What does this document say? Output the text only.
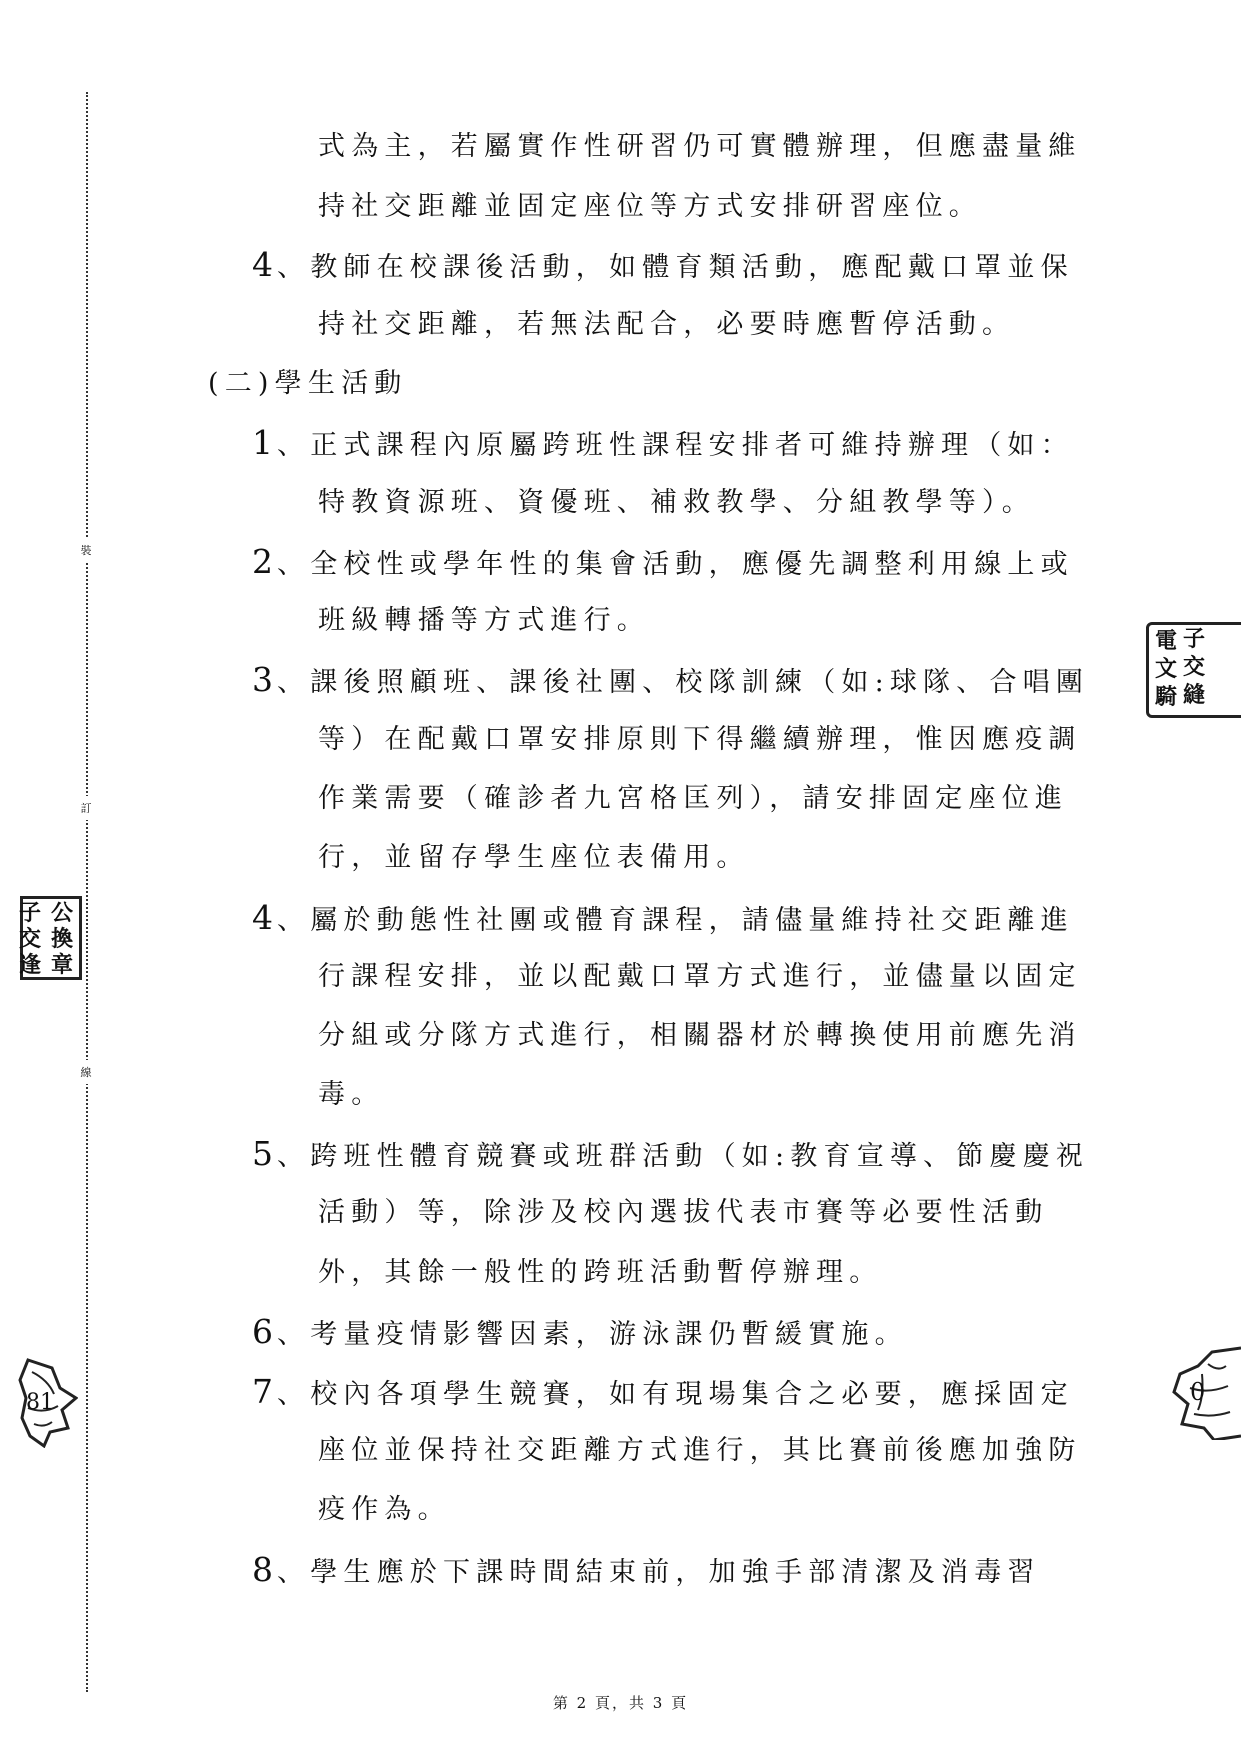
裝
訂
線
式為主，若屬實作性研習仍可實體辦理，但應盡量維
持社交距離並固定座位等方式安排研習座位。
4、教師在校課後活動，如體育類活動，應配戴口罩並保
持社交距離，若無法配合，必要時應暫停活動。
(二)學生活動
1、正式課程內原屬跨班性課程安排者可維持辦理（如：
特教資源班、資優班、補救教學、分組教學等）。
2、全校性或學年性的集會活動，應優先調整利用線上或
班級轉播等方式進行。
3、課後照顧班、課後社團、校隊訓練（如:球隊、合唱團
等）在配戴口罩安排原則下得繼續辦理，惟因應疫調
作業需要（確診者九宮格匡列），請安排固定座位進
行，並留存學生座位表備用。
4、屬於動態性社團或體育課程，請儘量維持社交距離進
行課程安排，並以配戴口罩方式進行，並儘量以固定
分組或分隊方式進行，相關器材於轉換使用前應先消
毒。
5、跨班性體育競賽或班群活動（如:教育宣導、節慶慶祝
活動）等，除涉及校內選拔代表市賽等必要性活動
外，其餘一般性的跨班活動暫停辦理。
6、考量疫情影響因素，游泳課仍暫緩實施。
7、校內各項學生競賽，如有現場集合之必要，應採固定
座位並保持社交距離方式進行，其比賽前後應加強防
疫作為。
8、學生應於下課時間結束前，加強手部清潔及消毒習
第 2 頁，共 3 頁
子 公
交 換
逢 章
電 子
文 交
騎 縫
81	0
